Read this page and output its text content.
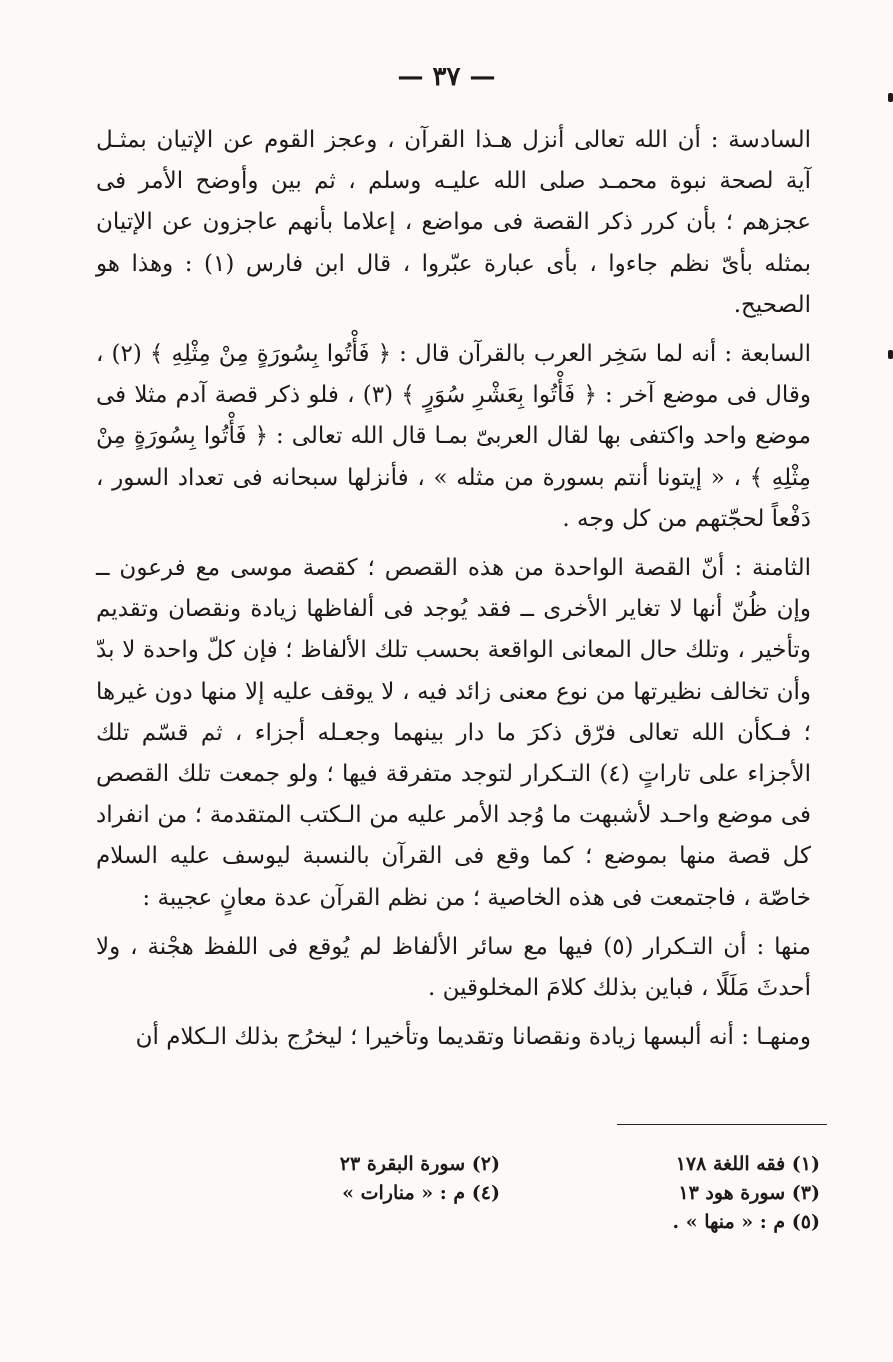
— ٣٧ —

السادسة : أن الله تعالى أنزل هـذا القرآن ، وعجز القوم عن الإتيان بمثـل آية لصحة نبوة محمـد صلى الله عليـه وسلم ، ثم بين وأوضح الأمر فى عجزهم ؛ بأن كرر ذكر القصة فى مواضع ، إعلاما بأنهم عاجزون عن الإتيان بمثله بأىّ نظم جاءوا ، بأى عبارة عبّروا ، قال ابن فارس (١) : وهذا هو الصحيح.

السابعة : أنه لما سَخِر العرب بالقرآن قال : ﴿ فَأْتُوا بِسُورَةٍ مِنْ مِثْلِهِ ﴾ (٢) ، وقال فى موضع آخر : ﴿ فَأْتُوا بِعَشْرِ سُوَرٍ ﴾ (٣) ، فلو ذكر قصة آدم مثلا فى موضع واحد واكتفى بها لقال العربىّ بمـا قال الله تعالى : ﴿ فَأْتُوا بِسُورَةٍ مِنْ مِثْلِهِ ﴾ ، « إيتونا أنتم بسورة من مثله » ، فأنزلها سبحانه فى تعداد السور ، دَفْعاً لحجّتهم من كل وجه .

الثامنة : أنّ القصة الواحدة من هذه القصص ؛ كقصة موسى مع فرعون ــ وإن ظُنّ أنها لا تغاير الأخرى ــ فقد يُوجد فى ألفاظها زيادة ونقصان وتقديم وتأخير ، وتلك حال المعانى الواقعة بحسب تلك الألفاظ ؛ فإن كلّ واحدة لا بدّ وأن تخالف نظيرتها من نوع معنى زائد فيه ، لا يوقف عليه إلا منها دون غيرها ؛ فـكأن الله تعالى فرّق ذكرَ ما دار بينهما وجعـله أجزاء ، ثم قسّم تلك الأجزاء على تاراتٍ (٤) التـكرار لتوجد متفرقة فيها ؛ ولو جمعت تلك القصص فى موضع واحـد لأشبهت ما وُجد الأمر عليه من الـكتب المتقدمة ؛ من انفراد كل قصة منها بموضع ؛ كما وقع فى القرآن بالنسبة ليوسف عليه السلام خاصّة ، فاجتمعت فى هذه الخاصية ؛ من نظم القرآن عدة معانٍ عجيبة :

منها : أن التـكرار (٥) فيها مع سائر الألفاظ لم يُوقع فى اللفظ هجْنة ، ولا أحدثَ مَلَلًا ، فباين بذلك كلامَ المخلوقين .

ومنهـا : أنه ألبسها زيادة ونقصانا وتقديما وتأخيرا ؛ ليخرُج بذلك الـكلام أن

(١) فقه اللغة ١٧٨
(٣) سورة هود ١٣
(٥) م : « منها » .
(٢) سورة البقرة ٢٣
(٤) م : « منارات »
